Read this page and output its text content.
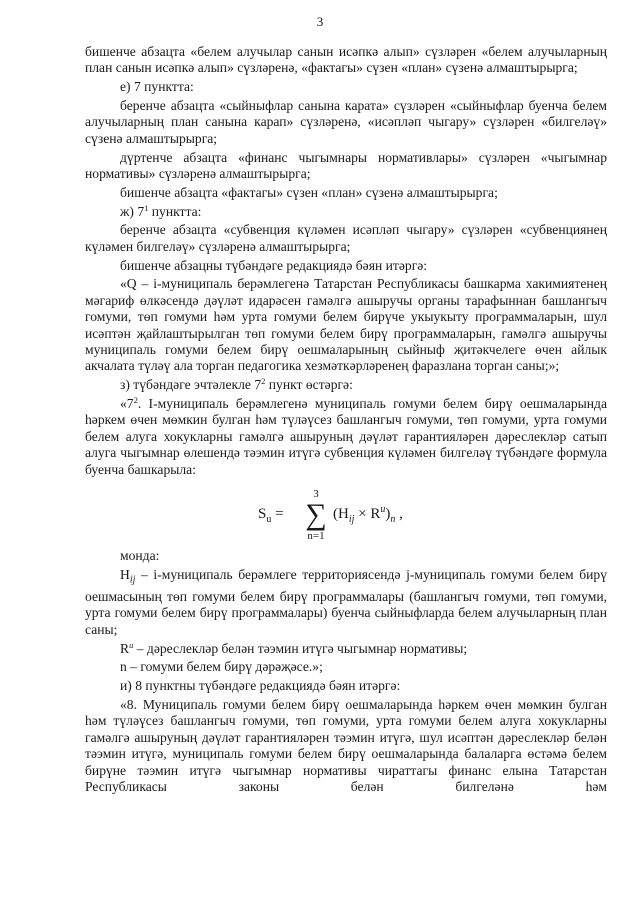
3

бишенче абзацта «белем алучылар санын исәпкә алып» сүзләрен «белем алучыларның план санын исәпкә алып» сүзләренә, «фактагы» сүзен «план» сүзенә алмаштырырга;

е) 7 пунктта:

беренче абзацта «сыйныфлар санына карата» сүзләрен «сыйныфлар буенча белем алучыларның план санына карап» сүзләренә, «исәпләп чыгару» сүзләрен «билгеләү» сүзенә алмаштырырга;

дүртенче абзацта «финанс чыгымнары нормативлары» сүзләрен «чыгымнар нормативы» сүзләренә алмаштырырга;

бишенче абзацта «фактагы» сүзен «план» сүзенә алмаштырырга;

ж) $7^1$ пунктта:

беренче абзацта «субвенция күләмен исәпләп чыгару» сүзләрен «субвенциянең күләмен билгеләү» сүзләренә алмаштырырга;

бишенче абзацны түбәндәге редакциядә бәян итәргә:

«Q – i-муниципаль берәмлегенә Татарстан Республикасы башкарма хакимиятенең мәгариф өлкәсендә дәүләт идарәсен гамәлгә ашыручы органы тарафыннан башлангыч гомуми, төп гомуми һәм урта гомуми белем бирүче укыукыту программаларын, шул исәптән җайлаштырылган төп гомуми белем бирү программаларын, гамәлгә ашыручы муниципаль гомуми белем бирү оешмаларының сыйныф җитәкчелеге өчен айлык акчалата түләү ала торган педагогика хезмәткәрләренең фаразлана торган саны;»;

з) түбәндәге эчтәлекле $7^2$ пункт өстәргә:

«$7^2$. I-муниципаль берәмлегенә муниципаль гомуми белем бирү оешмаларында һәркем өчен мөмкин булган һәм түләүсез башлангыч гомуми, төп гомуми, урта гомуми белем алуга хокукларны гамәлгә ашыруның дәүләт гарантияләрен дәреслекләр сатып алуга чыгымнар өлешендә тәэмин итүгә субвенция күләмен билгеләү түбәндәге формула буенча башкарыла:

$S_u$ =
3
∑
n=1
$(H_{ij} \times R^u)_n$ ,

монда:

$H_{ij}$ – i-муниципаль берәмлеге территориясендә j-муниципаль гомуми белем бирү оешмасының төп гомуми белем бирү программалары (башлангыч гомуми, төп гомуми, урта гомуми белем бирү программалары) буенча сыйныфларда белем алучыларның план саны;

$R^u$ – дәреслекләр белән тәэмин итүгә чыгымнар нормативы;

n – гомуми белем бирү дәрәҗәсе.»;

и) 8 пунктны түбәндәге редакциядә бәян итәргә:

«8. Муниципаль гомуми белем бирү оешмаларында һәркем өчен мөмкин булган һәм түләүсез башлангыч гомуми, төп гомуми, урта гомуми белем алуга хокукларны гамәлгә ашыруның дәүләт гарантияләрен тәэмин итүгә, шул исәптән дәреслекләр белән тәэмин итүгә, муниципаль гомуми белем бирү оешмаларында балаларга өстәмә белем бирүне тәэмин итүгә чыгымнар нормативы чираттагы финанс елына Татарстан Республикасы законы белән билгеләнә һәм
